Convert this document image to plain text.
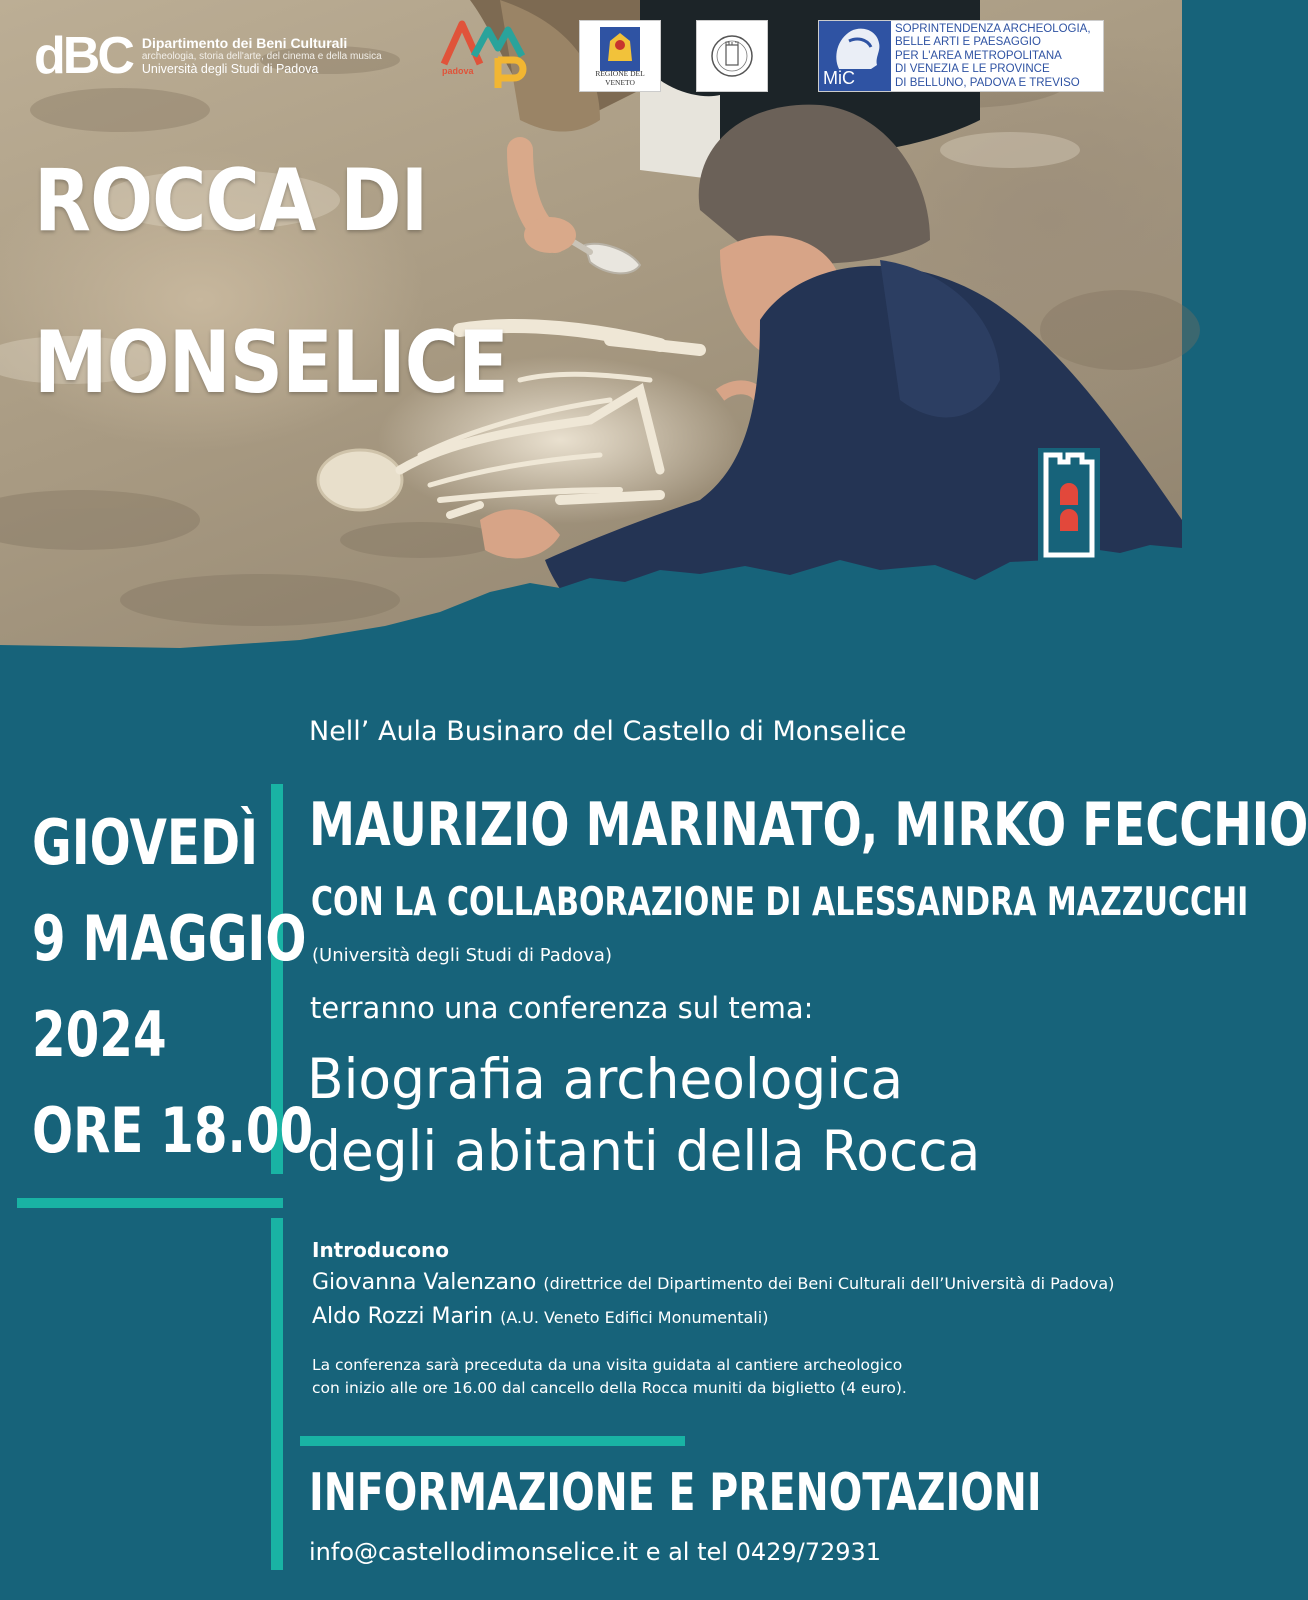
ROCCA DI
MONSELICE
dBC Dipartimento dei Beni Culturali
archeologia, storia dell'arte, del cinema e della musica
Università degli Studi di Padova	padova	REGIONE DEL VENETO	MiC
SOPRINTENDENZA ARCHEOLOGIA,
BELLE ARTI E PAESAGGIO
PER L'AREA METROPOLITANA
DI VENEZIA E LE PROVINCE
DI BELLUNO, PADOVA E TREVISO
Nell’ Aula Businaro del Castello di Monselice
GIOVEDÌ
9 MAGGIO
2024
ORE 18.00
MAURIZIO MARINATO, MIRKO FECCHIO
CON LA COLLABORAZIONE DI ALESSANDRA MAZZUCCHI
(Università degli Studi di Padova)
terranno una conferenza sul tema:
Biografia archeologica
degli abitanti della Rocca
Introducono
Giovanna Valenzano (direttrice del Dipartimento dei Beni Culturali dell’Università di Padova)
Aldo Rozzi Marin (A.U. Veneto Edifici Monumentali)
La conferenza sarà preceduta da una visita guidata al cantiere archeologico
con inizio alle ore 16.00 dal cancello della Rocca muniti da biglietto (4 euro).
INFORMAZIONE E PRENOTAZIONI
info@castellodimonselice.it e al tel 0429/72931
